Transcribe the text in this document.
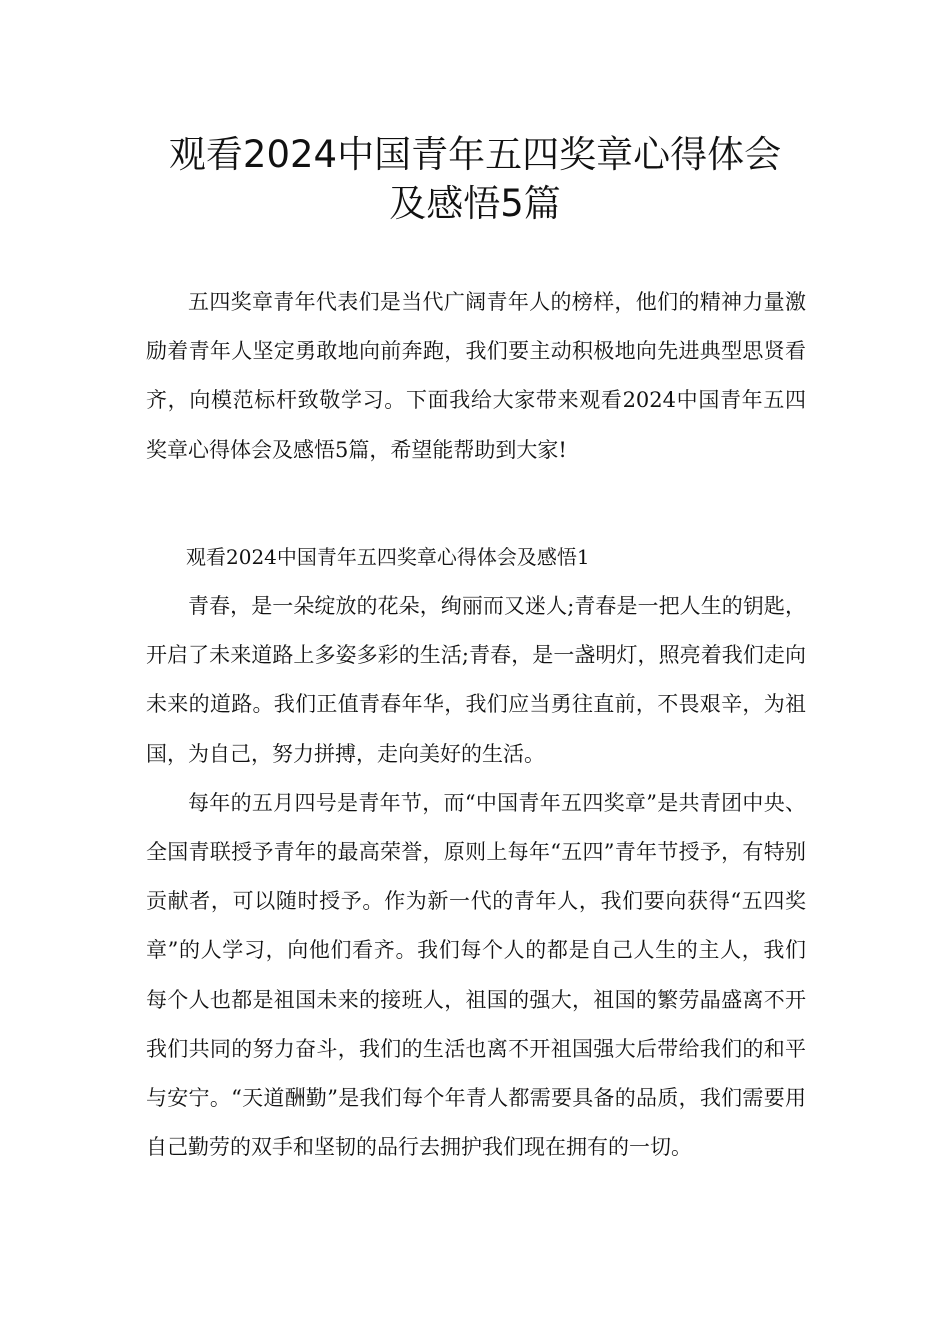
观看2024中国青年五四奖章心得体会
及感悟5篇

五四奖章青年代表们是当代广阔青年人的榜样，他们的精神力量激励着青年人坚定勇敢地向前奔跑，我们要主动积极地向先进典型思贤看齐，向模范标杆致敬学习。下面我给大家带来观看2024中国青年五四奖章心得体会及感悟5篇，希望能帮助到大家!

观看2024中国青年五四奖章心得体会及感悟1

青春，是一朵绽放的花朵，绚丽而又迷人;青春是一把人生的钥匙，开启了未来道路上多姿多彩的生活;青春，是一盏明灯，照亮着我们走向未来的道路。我们正值青春年华，我们应当勇往直前，不畏艰辛，为祖国，为自己，努力拼搏，走向美好的生活。

每年的五月四号是青年节，而“中国青年五四奖章”是共青团中央、全国青联授予青年的最高荣誉，原则上每年“五四”青年节授予，有特别贡献者，可以随时授予。作为新一代的青年人，我们要向获得“五四奖章”的人学习，向他们看齐。我们每个人的都是自己人生的主人，我们每个人也都是祖国未来的接班人，祖国的强大，祖国的繁劳晶盛离不开我们共同的努力奋斗，我们的生活也离不开祖国强大后带给我们的和平与安宁。“天道酬勤”是我们每个年青人都需要具备的品质，我们需要用自己勤劳的双手和坚韧的品行去拥护我们现在拥有的一切。
